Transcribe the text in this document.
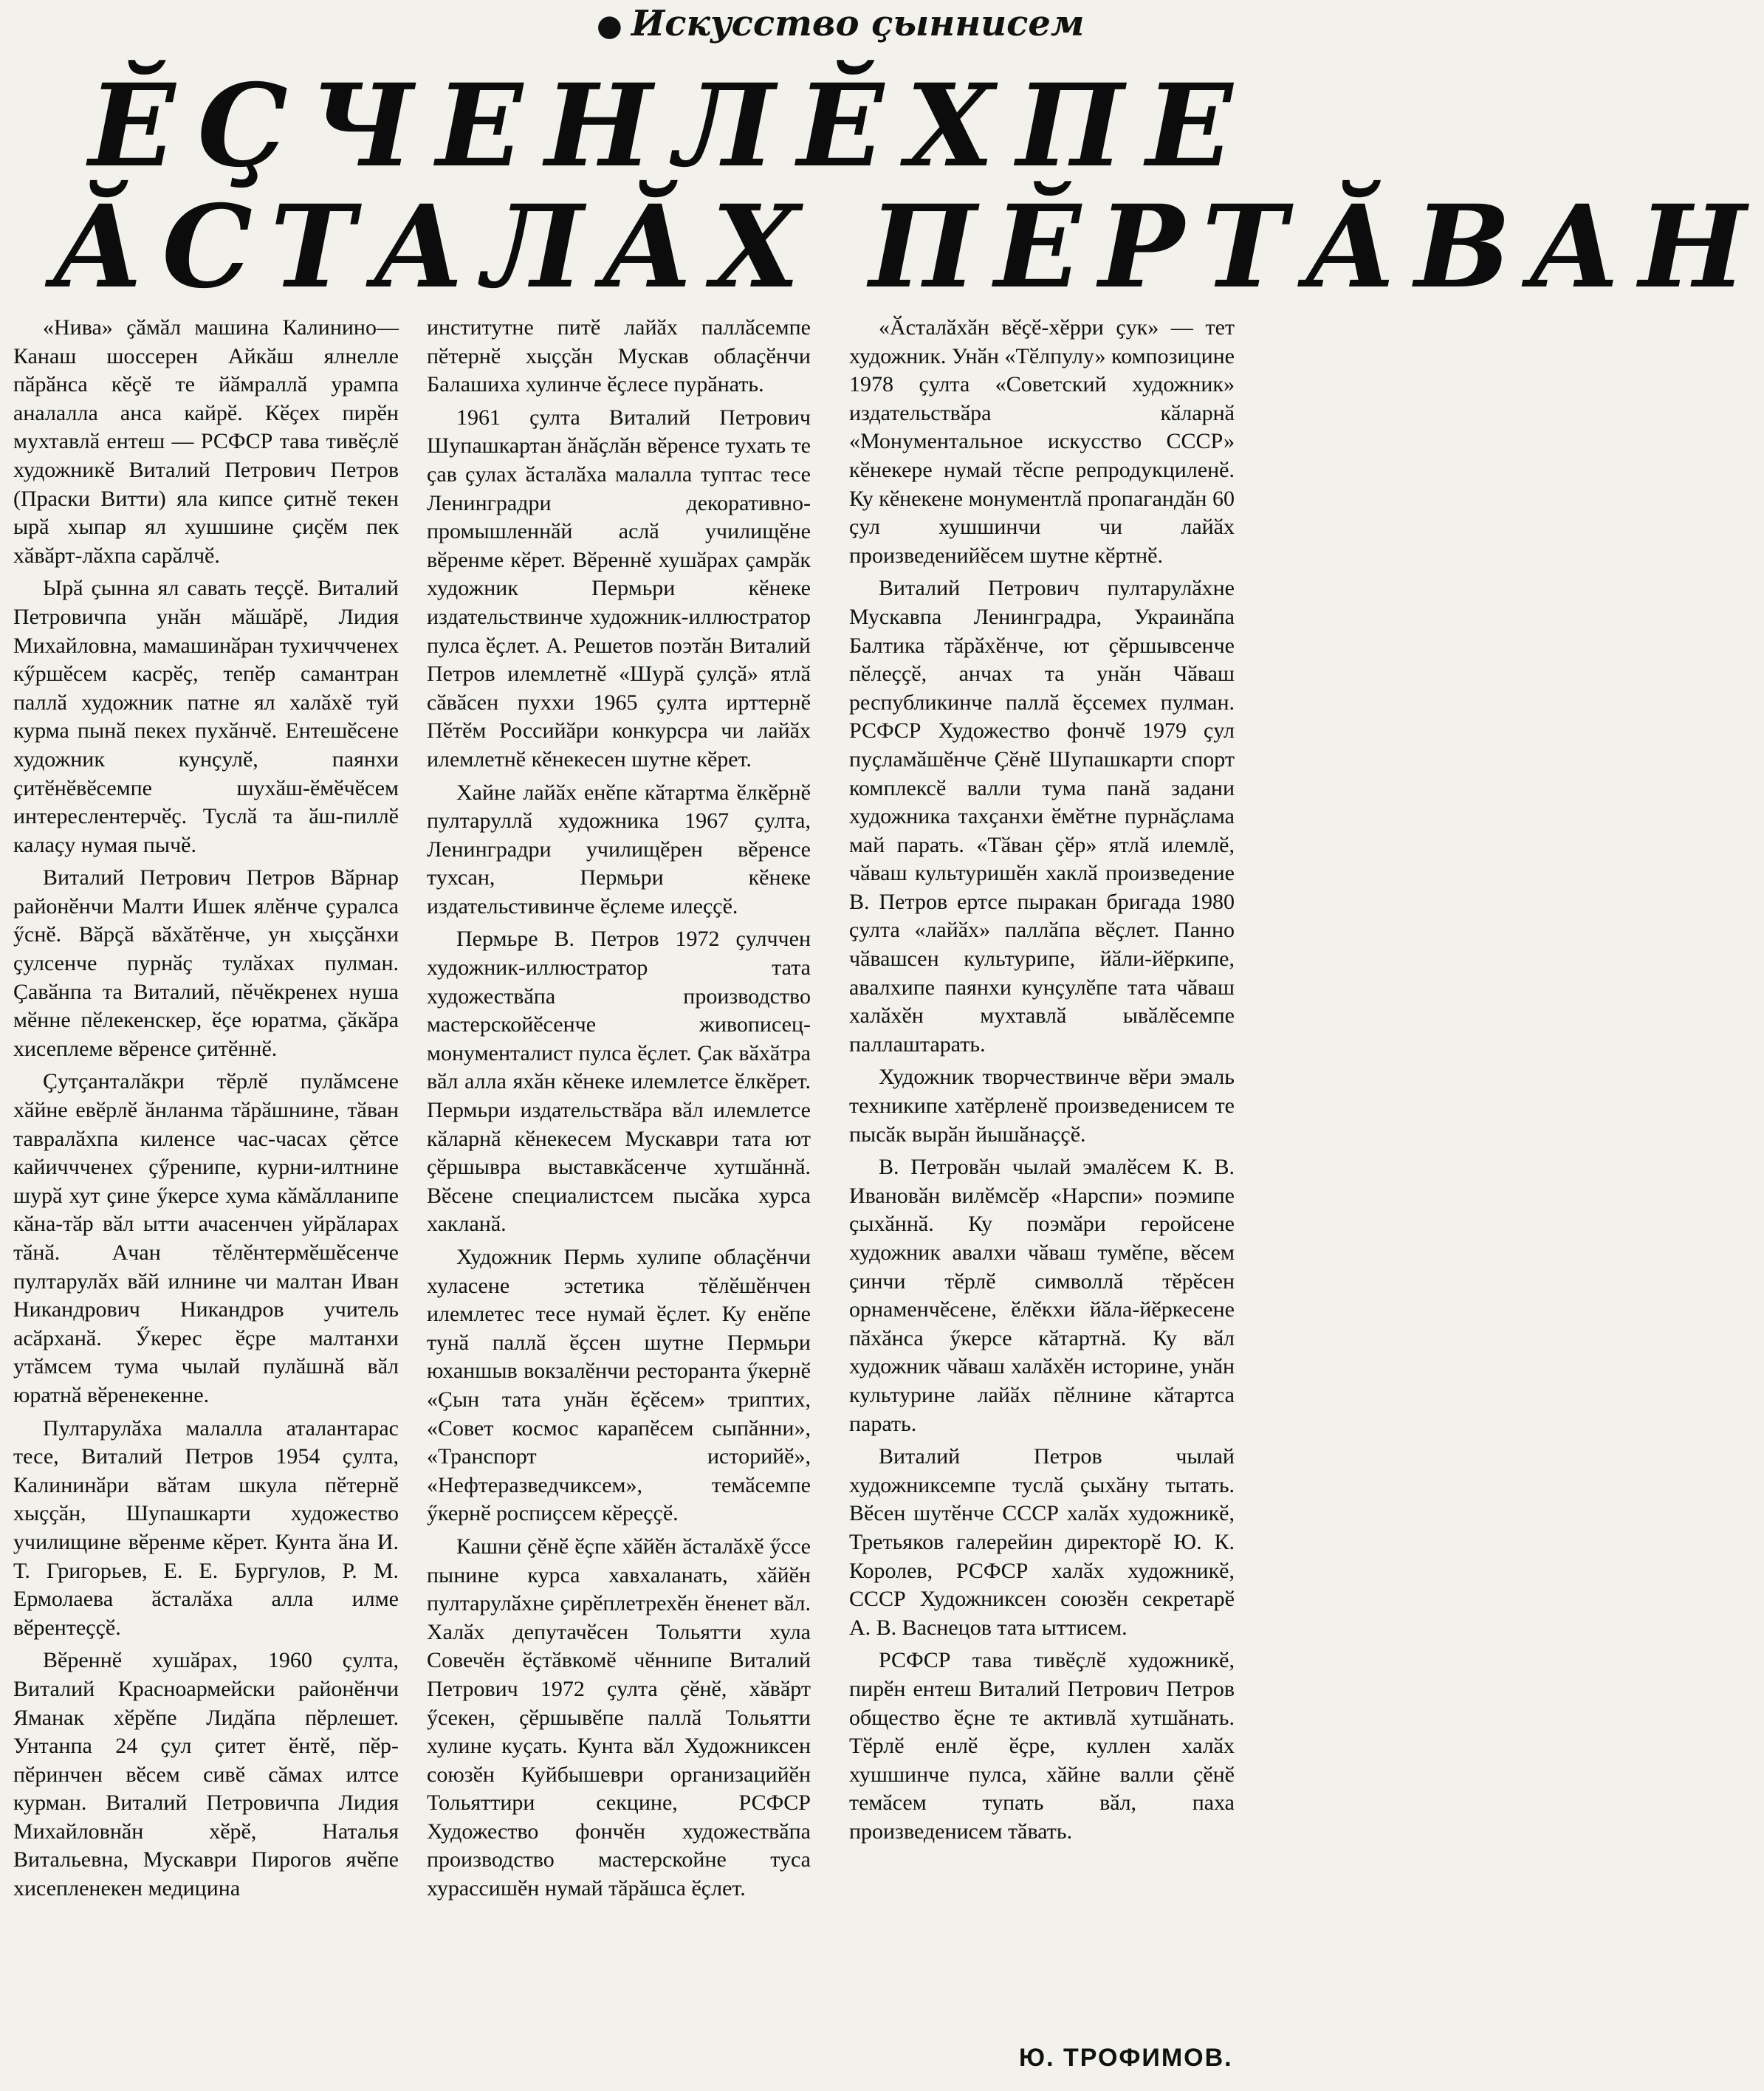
● Искусство ҫыннисем
ӖҪЧЕНЛӖХПЕ
ӐСТАЛӐХ ПӖРТӐВАН

«Нива» ҫӑмӑл машина Калинино—Канаш шоссерен Айкӑш ялнелле пӑрӑнса кӗҫӗ те йӑмраллӑ урампа аналалла анса кайрӗ. Кӗҫех пирӗн мухтавлӑ ентеш — РСФСР тава тивӗҫлӗ художникӗ Виталий Петрович Петров (Праски Витти) яла кипсе ҫитнӗ текен ырӑ хыпар ял хушшине ҫиҫӗм пек хӑвӑрт-лӑхпа сарӑлчӗ.

Ырӑ ҫынна ял савать теҫҫӗ. Виталий Петровичпа унӑн мӑшӑрӗ, Лидия Михайловна, мамашинӑран тухиччченех кӳршӗсем касрӗҫ, тепӗр самантран паллӑ художник патне ял халӑхӗ туй курма пынӑ пекех пухӑнчӗ. Ентешӗсене художник кунҫулӗ, паянхи ҫитӗнӗвӗсемпе шухӑш-ӗмӗчӗсем интереслентерчӗҫ. Туслӑ та ӑш-пиллӗ калаҫу нумая пычӗ.

Виталий Петрович Петров Вӑрнар районӗнчи Малти Ишек ялӗнче ҫуралса ӳснӗ. Вӑрҫӑ вӑхӑтӗнче, ун хыҫҫӑнхи ҫулсенче пурнӑҫ тулӑхах пулман. Ҫавӑнпа та Виталий, пӗчӗкренех нуша мӗнне пӗлекенскер, ӗҫе юратма, ҫӑкӑра хисеплеме вӗренсе ҫитӗннӗ.

Ҫутҫанталӑкри тӗрлӗ пулӑмсене хӑйне евӗрлӗ ӑнланма тӑрӑшнине, тӑван тавралӑхпа киленсе час-часах ҫӗтсе кайиччченех ҫӳренипе, курни-илтнине шурӑ хут ҫине ӳкерсе хума кӑмӑлланипе кӑна-тӑр вӑл ытти ачасенчен уйрӑларах тӑнӑ. Ачан тӗлӗнтермӗшӗсенче пултарулӑх вӑй илнине чи малтан Иван Никандрович Никандров учитель асӑрханӑ. Ӳкерес ӗҫре малтанхи утӑмсем тума чылай пулӑшнӑ вӑл юратнӑ вӗренекенне.

Пултарулӑха малалла аталантарас тесе, Виталий Петров 1954 ҫулта, Калининӑри вӑтам шкула пӗтернӗ хыҫҫӑн, Шупашкарти художество училищине вӗренме кӗрет. Кунта ӑна И. Т. Григорьев, Е. Е. Бургулов, Р. М. Ермолаева ӑсталӑха алла илме вӗрентеҫҫӗ.

Вӗреннӗ хушӑрах, 1960 ҫулта, Виталий Красноармейски районӗнчи Яманак хӗрӗпе Лидӑпа пӗрлешет. Унтанпа 24 ҫул ҫитет ӗнтӗ, пӗр-пӗринчен вӗсем сивӗ сӑмах илтсе курман. Виталий Петровичпа Лидия Михайловнӑн хӗрӗ, Наталья Витальевна, Мускаври Пирогов ячӗпе хисепленекен медицина

институтне питӗ лайӑх паллӑсемпе пӗтернӗ хыҫҫӑн Мускав облаҫӗнчи Балашиха хулинче ӗҫлесе пурӑнать.

1961 ҫулта Виталий Петрович Шупашкартан ӑнӑҫлӑн вӗренсе тухать те ҫав ҫулах ӑсталӑха малалла туптас тесе Ленинградри декоративно-промышленнӑй аслӑ училищӗне вӗренме кӗрет. Вӗреннӗ хушӑрах ҫамрӑк художник Пермьри кӗнеке издательствинче художник-иллюстратор пулса ӗҫлет. А. Решетов поэтӑн Виталий Петров илемлетнӗ «Шурӑ ҫулҫӑ» ятлӑ сӑвӑсен пуххи 1965 ҫулта ирттернӗ Пӗтӗм Российӑри конкурсра чи лайӑх илемлетнӗ кӗнекесен шутне кӗрет.

Хайне лайӑх енӗпе кӑтартма ӗлкӗрнӗ пултаруллӑ художника 1967 ҫулта, Ленинградри училищӗрен вӗренсе тухсан, Пермьри кӗнеке издательстивинче ӗҫлеме илеҫҫӗ.

Пермьре В. Петров 1972 ҫулччен художник-иллюстратор тата художествӑпа производство мастерскойӗсенче живописец-монументалист пулса ӗҫлет. Ҫак вӑхӑтра вӑл алла яхӑн кӗнеке илемлетсе ӗлкӗрет. Пермьри издательствӑра вӑл илемлетсе кӑларнӑ кӗнекесем Мускаври тата ют ҫӗршывра выставкӑсенче хутшӑннӑ. Вӗсене специалистсем пысӑка хурса хакланӑ.

Художник Пермь хулипе облаҫӗнчи хуласене эстетика тӗлӗшӗнчен илемлетес тесе нумай ӗҫлет. Ку енӗпе тунӑ паллӑ ӗҫсен шутне Пермьри юханшыв вокзалӗнчи ресторанта ӳкернӗ «Ҫын тата унӑн ӗҫӗсем» триптих, «Совет космос карапӗсем сыпӑнни», «Транспорт историйӗ», «Нефтеразведчиксем», темӑсемпе ӳкернӗ роспиҫсем кӗреҫҫӗ.

Кашни ҫӗнӗ ӗҫпе хӑйӗн ӑсталӑхӗ ӳссе пынине курса хавхаланать, хӑйӗн пултарулӑхне ҫирӗплетрехӗн ӗненет вӑл. Халӑх депутачӗсен Тольятти хула Совечӗн ӗҫтӑвкомӗ чӗннипе Виталий Петрович 1972 ҫулта ҫӗнӗ, хӑвӑрт ӳсекен, ҫӗршывӗпе паллӑ Тольятти хулине куҫать. Кунта вӑл Художниксен союзӗн Куйбышеври организацийӗн Тольяттири секцине, РСФСР Художество фончӗн художествӑпа производство мастерскойне туса хурассишӗн нумай тӑрӑшса ӗҫлет.

«Ӑсталӑхӑн вӗҫӗ-хӗрри ҫук» — тет художник. Унӑн «Тӗлпулу» композицине 1978 ҫулта «Советский художник» издательствӑра кӑларнӑ «Монументальное искусство СССР» кӗнекере нумай тӗспе репродукциленӗ. Ку кӗнекене монументлӑ пропагандӑн 60 ҫул хушшинчи чи лайӑх произведенийӗсем шутне кӗртнӗ.

Виталий Петрович пултарулӑхне Мускавпа Ленинградра, Украинӑпа Балтика тӑрӑхӗнче, ют ҫӗршывсенче пӗлеҫҫӗ, анчах та унӑн Чӑваш республикинче паллӑ ӗҫсемех пулман. РСФСР Художество фончӗ 1979 ҫул пуҫламӑшӗнче Ҫӗнӗ Шупашкарти спорт комплексӗ валли тума панӑ задани художника тахҫанхи ӗмӗтне пурнӑҫлама май парать. «Тӑван ҫӗр» ятлӑ илемлӗ, чӑваш культуришӗн хаклӑ произведение В. Петров ертсе пыракан бригада 1980 ҫулта «лайӑх» паллӑпа вӗҫлет. Панно чӑвашсен культурипе, йӑли-йӗркипе, авалхипе паянхи кунҫулӗпе тата чӑваш халӑхӗн мухтавлӑ ывӑлӗсемпе паллаштарать.

Художник творчествинче вӗри эмаль техникипе хатӗрленӗ произведенисем те пысӑк вырӑн йышӑнаҫҫӗ.

В. Петровӑн чылай эмалӗсем К. В. Ивановӑн вилӗмсӗр «Нарспи» поэмипе ҫыхӑннӑ. Ку поэмӑри геройсене художник авалхи чӑваш тумӗпе, вӗсем ҫинчи тӗрлӗ символлӑ тӗрӗсен орнаменчӗсене, ӗлӗкхи йӑла-йӗркесене пӑхӑнса ӳкерсе кӑтартнӑ. Ку вӑл художник чӑваш халӑхӗн историне, унӑн культурине лайӑх пӗлнине кӑтартса парать.

Виталий Петров чылай художниксемпе туслӑ ҫыхӑну тытать. Вӗсен шутӗнче СССР халӑх художникӗ, Третьяков галерейин директорӗ Ю. К. Королев, РСФСР халӑх художникӗ, СССР Художниксен союзӗн секретарӗ А. В. Васнецов тата ыттисем.

РСФСР тава тивӗҫлӗ художникӗ, пирӗн ентеш Виталий Петрович Петров общество ӗҫне те активлӑ хутшӑнать. Тӗрлӗ енлӗ ӗҫре, куллен халӑх хушшинче пулса, хӑйне валли ҫӗнӗ темӑсем тупать вӑл, паха произведенисем тӑвать.

Ю. ТРОФИМОВ.
